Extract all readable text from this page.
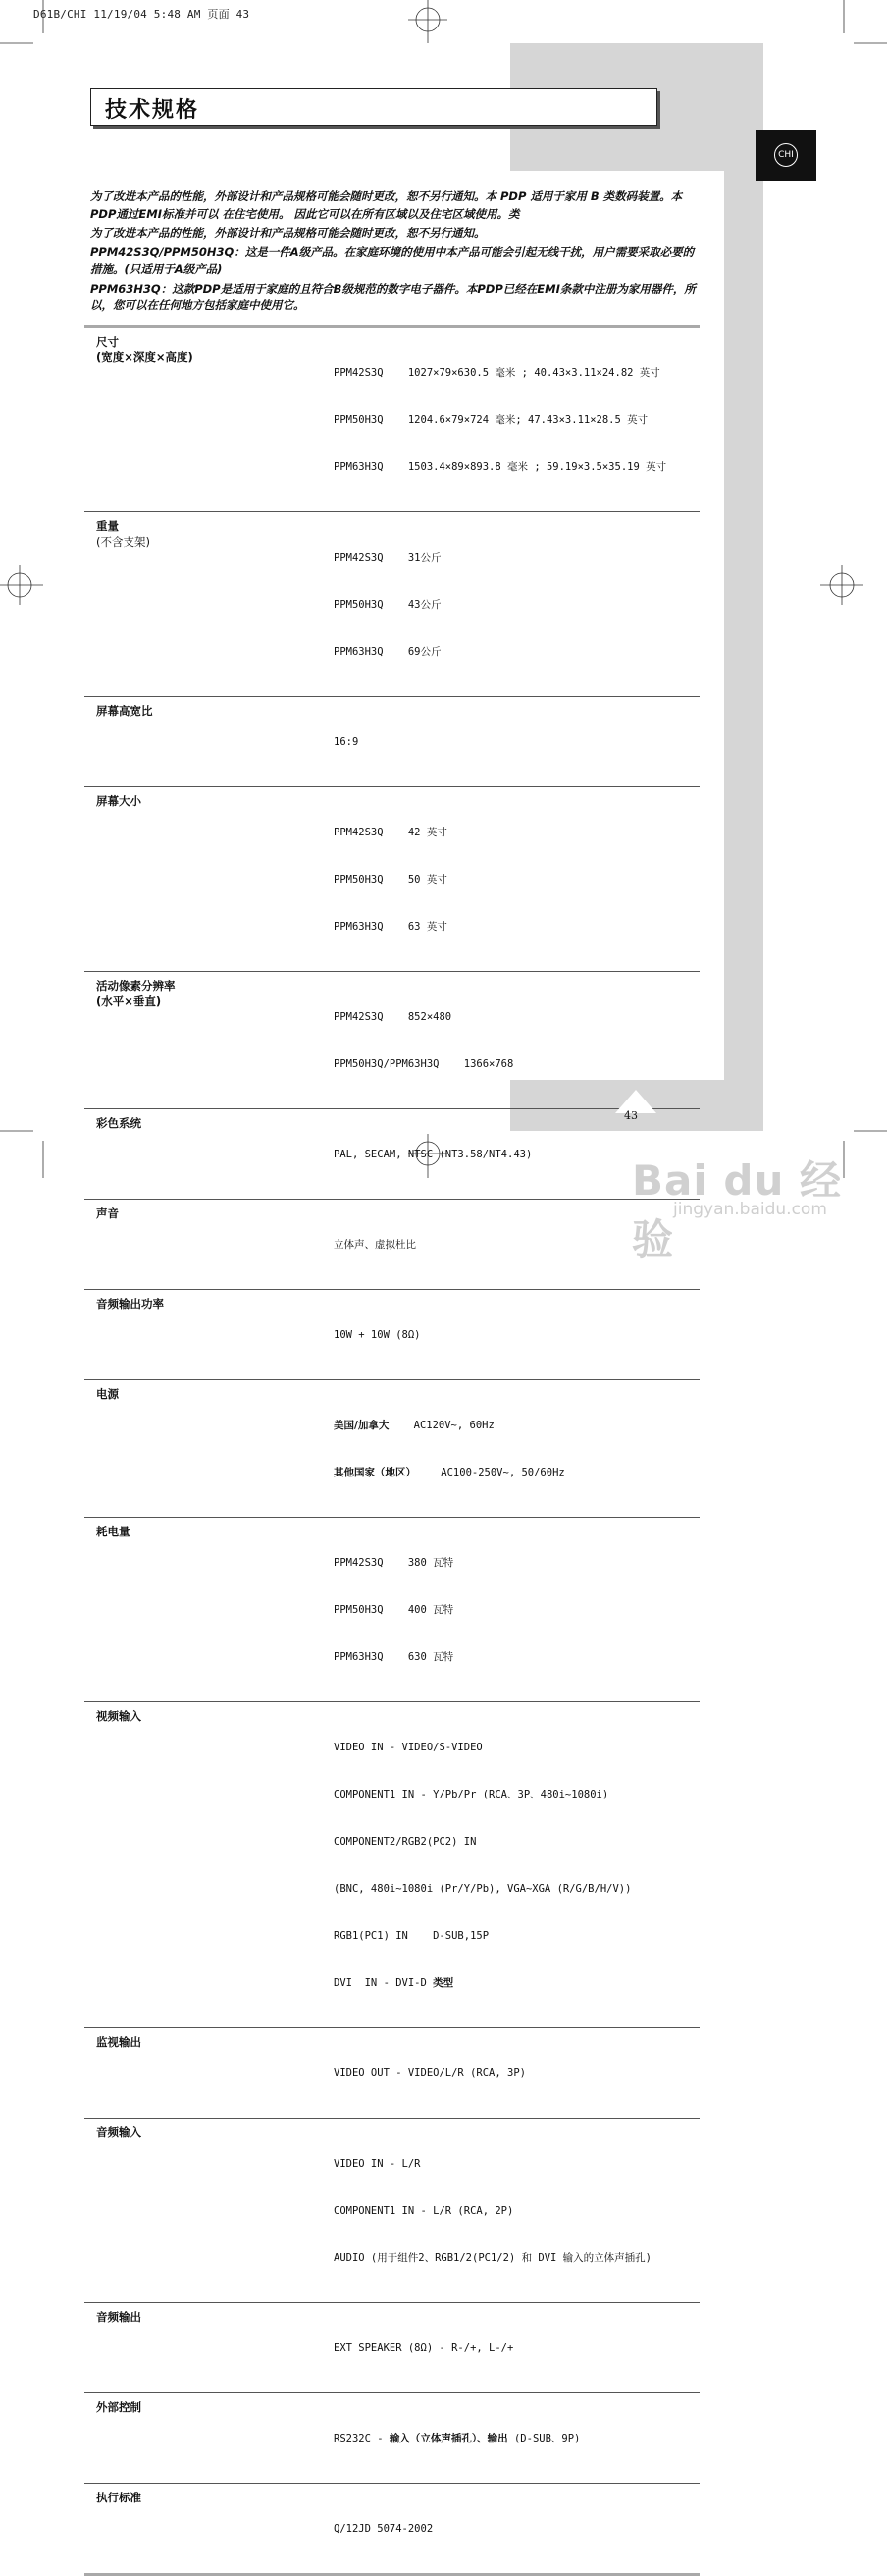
D61B/CHI 11/19/04 5:48 AM 页面 43
技术规格
CHI

为了改进本产品的性能，外部设计和产品规格可能会随时更改，恕不另行通知。本 PDP 适用于家用 B 类数码装置。本PDP通过EMI标准并可以 在住宅使用。 因此它可以在所有区域以及住宅区域使用。类

为了改进本产品的性能，外部设计和产品规格可能会随时更改，恕不另行通知。

PPM42S3Q/PPM50H3Q：这是一件A级产品。在家庭环境的使用中本产品可能会引起无线干扰，用户需要采取必要的措施。(只适用于A级产品)

PPM63H3Q：这款PDP是适用于家庭的且符合B级规范的数字电子器件。本PDP已经在EMI条款中注册为家用器件，所以，您可以在任何地方包括家庭中使用它。

尺寸
(宽度×深度×高度)

PPM42S3Q    1027×79×630.5 毫米 ; 40.43×3.11×24.82 英寸

PPM50H3Q    1204.6×79×724 毫米; 47.43×3.11×28.5 英寸

PPM63H3Q    1503.4×89×893.8 毫米 ; 59.19×3.5×35.19 英寸

重量
(不含支架)

PPM42S3Q    31公斤

PPM50H3Q    43公斤

PPM63H3Q    69公斤

屏幕高宽比

16:9

屏幕大小

PPM42S3Q    42 英寸

PPM50H3Q    50 英寸

PPM63H3Q    63 英寸

活动像素分辨率
(水平×垂直)

PPM42S3Q    852×480

PPM50H3Q/PPM63H3Q    1366×768

彩色系统

PAL, SECAM, NTSC (NT3.58/NT4.43)

声音

立体声、虚拟杜比

音频输出功率

10W + 10W (8Ω)

电源

美国/加拿大    AC120V~, 60Hz

其他国家（地区）    AC100-250V~, 50/60Hz

耗电量

PPM42S3Q    380 瓦特

PPM50H3Q    400 瓦特

PPM63H3Q    630 瓦特

视频输入

VIDEO IN - VIDEO/S-VIDEO

COMPONENT1 IN - Y/Pb/Pr (RCA、3P、480i~1080i)

COMPONENT2/RGB2(PC2) IN

(BNC, 480i~1080i (Pr/Y/Pb), VGA~XGA (R/G/B/H/V))

RGB1(PC1) IN    D-SUB,15P

DVI  IN - DVI-D 类型

监视输出

VIDEO OUT - VIDEO/L/R (RCA, 3P)

音频输入

VIDEO IN - L/R

COMPONENT1 IN - L/R (RCA, 2P)

AUDIO (用于组件2、RGB1/2(PC1/2) 和 DVI 输入的立体声插孔)

音频输出

EXT SPEAKER (8Ω) - R-/+, L-/+

外部控制

RS232C - 输入（立体声插孔）、输出 (D-SUB、9P)

执行标准

Q/12JD 5074-2002

43
Bai du 经验
jingyan.baidu.com
